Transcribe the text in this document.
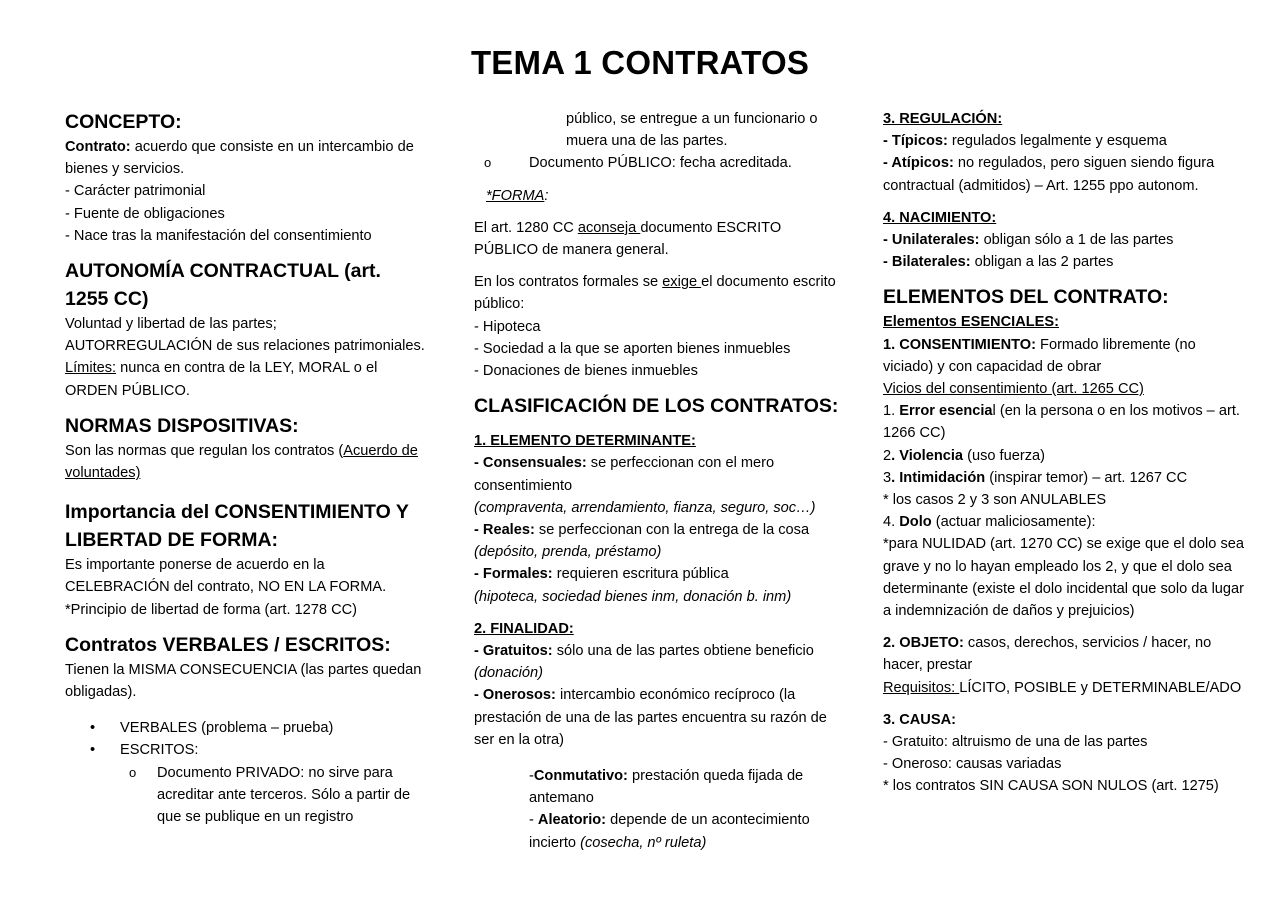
TEMA 1 CONTRATOS
CONCEPTO:

Contrato: acuerdo que consiste en un intercambio de bienes y servicios.

- Carácter patrimonial

- Fuente de obligaciones

- Nace tras la manifestación del consentimiento

AUTONOMÍA CONTRACTUAL (art. 1255 CC)

Voluntad y libertad de las partes; AUTORREGULACIÓN de sus relaciones patrimoniales.

Límites: nunca en contra de la LEY, MORAL o el ORDEN PÚBLICO.

NORMAS DISPOSITIVAS:

Son las normas que regulan los contratos (Acuerdo de voluntades)

Importancia del CONSENTIMIENTO Y LIBERTAD DE FORMA:

Es importante ponerse de acuerdo en la CELEBRACIÓN del contrato, NO EN LA FORMA.

*Principio de libertad de forma (art. 1278 CC)

Contratos VERBALES / ESCRITOS:

Tienen la MISMA CONSECUENCIA (las partes quedan obligadas).

• VERBALES (problema – prueba)

• ESCRITOS:

o Documento PRIVADO: no sirve para acreditar ante terceros. Sólo a partir de que se publique en un registro

público, se entregue a un funcionario o muera una de las partes.

o Documento PÚBLICO: fecha acreditada.

*FORMA:

El art. 1280 CC aconseja documento ESCRITO PÚBLICO de manera general.

En los contratos formales se exige el documento escrito público:

- Hipoteca

- Sociedad a la que se aporten bienes inmuebles

- Donaciones de bienes inmuebles

CLASIFICACIÓN DE LOS CONTRATOS:
1. ELEMENTO DETERMINANTE:

- Consensuales: se perfeccionan con el mero consentimiento

(compraventa, arrendamiento, fianza, seguro, soc…)

- Reales: se perfeccionan con la entrega de la cosa

(depósito, prenda, préstamo)

- Formales: requieren escritura pública

(hipoteca, sociedad bienes inm, donación b. inm)

2. FINALIDAD:

- Gratuitos: sólo una de las partes obtiene beneficio

(donación)

- Onerosos: intercambio económico recíproco (la prestación de una de las partes encuentra su razón de ser en la otra)

-Conmutativo: prestación queda fijada de antemano

- Aleatorio: depende de un acontecimiento incierto (cosecha, nº ruleta)

3. REGULACIÓN:

- Típicos: regulados legalmente y esquema

- Atípicos: no regulados, pero siguen siendo figura contractual (admitidos) – Art. 1255 ppo autonom.

4. NACIMIENTO:

- Unilaterales: obligan sólo a 1 de las partes

- Bilaterales: obligan a las 2 partes

ELEMENTOS DEL CONTRATO:
Elementos ESENCIALES:

1. CONSENTIMIENTO: Formado libremente (no viciado) y con capacidad de obrar

Vicios del consentimiento (art. 1265 CC)

1. Error esencial (en la persona o en los motivos – art. 1266 CC)

2. Violencia (uso fuerza)

3. Intimidación (inspirar temor) – art. 1267 CC

* los casos 2 y 3 son ANULABLES

4. Dolo (actuar maliciosamente):

*para NULIDAD (art. 1270 CC) se exige que el dolo sea grave y no lo hayan empleado los 2, y que el dolo sea determinante (existe el dolo incidental que solo da lugar a indemnización de daños y prejuicios)

2. OBJETO: casos, derechos, servicios / hacer, no hacer, prestar

Requisitos: LÍCITO, POSIBLE y DETERMINABLE/ADO

3. CAUSA:

- Gratuito: altruismo de una de las partes

- Oneroso: causas variadas

* los contratos SIN CAUSA SON NULOS (art. 1275)
